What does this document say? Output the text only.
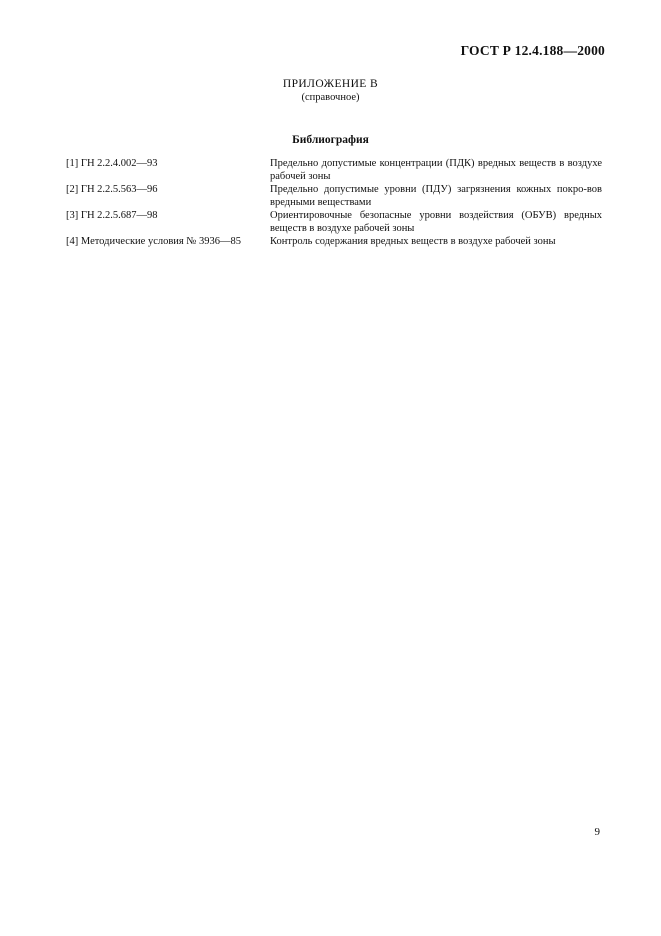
ГОСТ Р 12.4.188—2000
ПРИЛОЖЕНИЕ В
(справочное)
Библиография
[1] ГН 2.2.4.002—93	Предельно допустимые концентрации (ПДК) вредных веществ в воздухе рабочей зоны
[2] ГН 2.2.5.563—96	Предельно допустимые уровни (ПДУ) загрязнения кожных покро-вов вредными веществами
[3] ГН 2.2.5.687—98	Ориентировочные безопасные уровни воздействия (ОБУВ) вредных веществ в воздухе рабочей зоны
[4] Методические условия № 3936—85	Контроль содержания вредных веществ в воздухе рабочей зоны
9
